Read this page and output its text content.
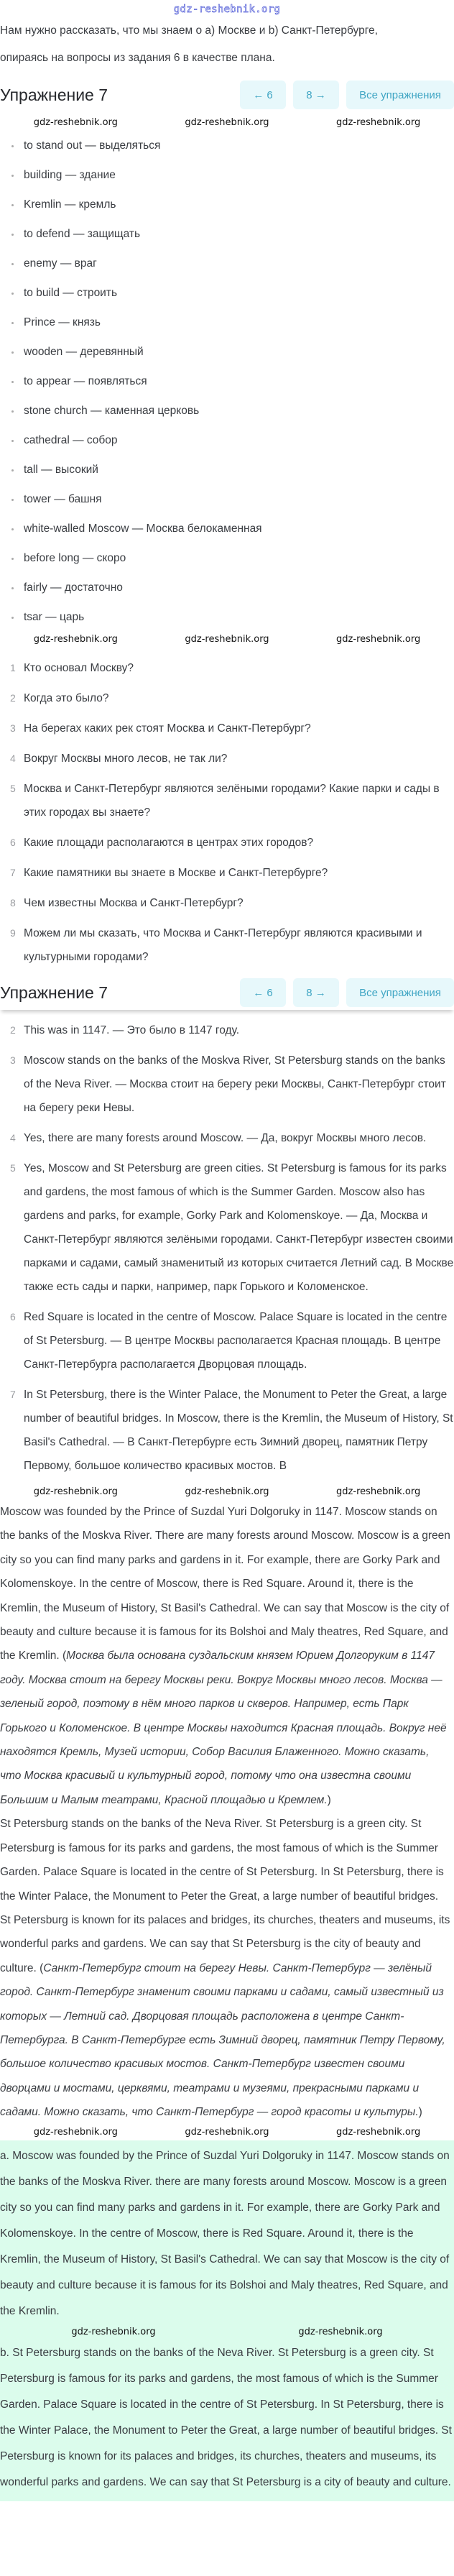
gdz-reshebnik.org

Нам нужно рассказать, что мы знаем о а) Москве и b) Санкт-Петербурге,

опираясь на вопросы из задания 6 в качестве плана.

Упражнение 7	← 6	8 →	Все упражнения
gdz-reshebnik.org	gdz-reshebnik.org	gdz-reshebnik.org
to stand out — выделяться
building — здание
Kremlin — кремль
to defend — защищать
enemy — враг
to build — строить
Prince — князь
wooden — деревянный
to appear — появляться
stone church — каменная церковь
cathedral — собор
tall — высокий
tower — башня
white-walled Moscow — Москва белокаменная
before long — скоро
fairly — достаточно
tsar — царь
gdz-reshebnik.org	gdz-reshebnik.org	gdz-reshebnik.org
1 Кто основал Москву?
2 Когда это было?
3 На берегах каких рек стоят Москва и Санкт-Петербург?
4 Вокруг Москвы много лесов, не так ли?
5 Москва и Санкт-Петербург являются зелёными городами? Какие парки и сады в этих городах вы знаете?
6 Какие площади располагаются в центрах этих городов?
7 Какие памятники вы знаете в Москве и Санкт-Петербурге?
8 Чем известны Москва и Санкт-Петербург?
9 Можем ли мы сказать, что Москва и Санкт-Петербург являются красивыми и культурными городами?
Упражнение 7	← 6	8 →	Все упражнения
2 This was in 1147. — Это было в 1147 году.
3 Moscow stands on the banks of the Moskva River, St Petersburg stands on the banks of the Neva River. — Москва стоит на берегу реки Москвы, Санкт-Петербург стоит на берегу реки Невы.
4 Yes, there are many forests around Moscow. — Да, вокруг Москвы много лесов.
5 Yes, Moscow and St Petersburg are green cities. St Petersburg is famous for its parks and gardens, the most famous of which is the Summer Garden. Moscow also has gardens and parks, for example, Gorky Park and Kolomenskoye. — Да, Москва и Санкт-Петербург являются зелёными городами. Санкт-Петербург известен своими парками и садами, самый знаменитый из которых считается Летний сад. В Москве также есть сады и парки, например, парк Горького и Коломенское.
6 Red Square is located in the centre of Moscow. Palace Square is located in the centre of St Petersburg. — В центре Москвы располагается Красная площадь. В центре Санкт-Петербурга располагается Дворцовая площадь.
7 In St Petersburg, there is the Winter Palace, the Monument to Peter the Great, a large number of beautiful bridges. In Moscow, there is the Kremlin, the Museum of History, St Basil's Cathedral. — В Санкт-Петербурге есть Зимний дворец, памятник Петру Первому, большое количество красивых мостов. В
gdz-reshebnik.org	gdz-reshebnik.org	gdz-reshebnik.org

Moscow was founded by the Prince of Suzdal Yuri Dolgoruky in 1147. Moscow stands on the banks of the Moskva River. There are many forests around Moscow. Moscow is a green city so you can find many parks and gardens in it. For example, there are Gorky Park and Kolomenskoye. In the centre of Moscow, there is Red Square. Around it, there is the Kremlin, the Museum of History, St Basil's Cathedral. We can say that Moscow is the city of beauty and culture because it is famous for its Bolshoi and Maly theatres, Red Square, and the Kremlin. (Москва была основана суздальским князем Юрием Долгоруким в 1147 году. Москва стоит на берегу Москвы реки. Вокруг Москвы много лесов. Москва — зеленый город, поэтому в нём много парков и скверов. Например, есть Парк Горького и Коломенское. В центре Москвы находится Красная площадь. Вокруг неё находятся Кремль, Музей истории, Собор Василия Блаженного. Можно сказать, что Москва красивый и культурный город, потому что она известна своими Большим и Малым театрами, Красной площадью и Кремлем.)

St Petersburg stands on the banks of the Neva River. St Petersburg is a green city. St Petersburg is famous for its parks and gardens, the most famous of which is the Summer Garden. Palace Square is located in the centre of St Petersburg. In St Petersburg, there is the Winter Palace, the Monument to Peter the Great, a large number of beautiful bridges. St Petersburg is known for its palaces and bridges, its churches, theaters and museums, its wonderful parks and gardens. We can say that St Petersburg is the city of beauty and culture. (Санкт-Петербург стоит на берегу Невы. Санкт-Петербург — зелёный город. Санкт-Петербург знаменит своими парками и садами, самый известный из которых — Летний сад. Дворцовая площадь расположена в центре Санкт-Петербурга. В Санкт-Петербурге есть Зимний дворец, памятник Петру Первому, большое количество красивых мостов. Санкт-Петербург известен своими дворцами и мостами, церквями, театрами и музеями, прекрасными парками и садами. Можно сказать, что Санкт-Петербург — город красоты и культуры.)

gdz-reshebnik.org	gdz-reshebnik.org	gdz-reshebnik.org

a. Moscow was founded by the Prince of Suzdal Yuri Dolgoruky in 1147. Moscow stands on the banks of the Moskva River. there are many forests around Moscow. Moscow is a green city so you can find many parks and gardens in it. For example, there are Gorky Park and Kolomenskoye. In the centre of Moscow, there is Red Square. Around it, there is the Kremlin, the Museum of History, St Basil's Cathedral. We can say that Moscow is the city of beauty and culture because it is famous for its Bolshoi and Maly theatres, Red Square, and the Kremlin.

gdz-reshebnik.org	gdz-reshebnik.org

b. St Petersburg stands on the banks of the Neva River. St Petersburg is a green city. St Petersburg is famous for its parks and gardens, the most famous of which is the Summer Garden. Palace Square is located in the centre of St Petersburg. In St Petersburg, there is the Winter Palace, the Monument to Peter the Great, a large number of beautiful bridges. St Petersburg is known for its palaces and bridges, its churches, theaters and museums, its wonderful parks and gardens. We can say that St Petersburg is a city of beauty and culture.
